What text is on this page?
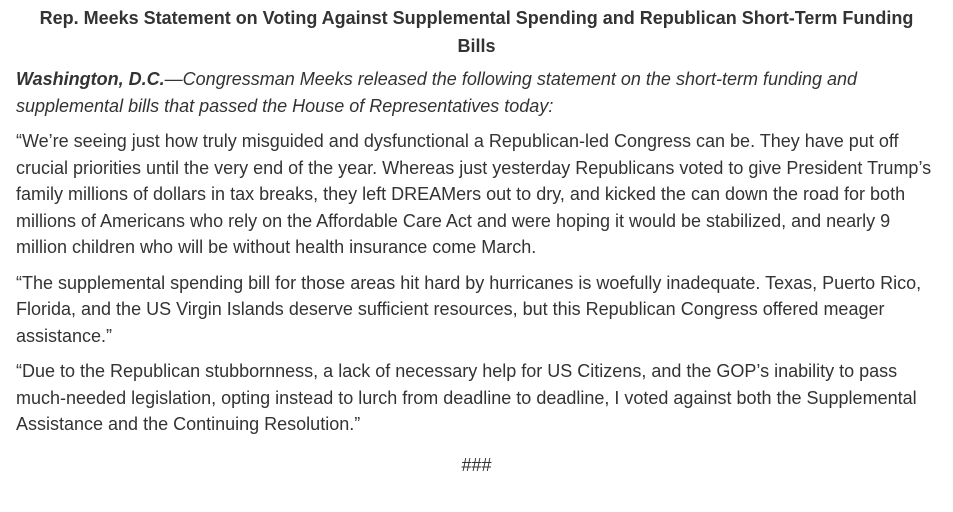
Rep. Meeks Statement on Voting Against Supplemental Spending and Republican Short-Term Funding
Bills

Washington, D.C.—Congressman Meeks released the following statement on the short-term funding and supplemental bills that passed the House of Representatives today:

“We’re seeing just how truly misguided and dysfunctional a Republican-led Congress can be. They have put off crucial priorities until the very end of the year. Whereas just yesterday Republicans voted to give President Trump’s family millions of dollars in tax breaks, they left DREAMers out to dry, and kicked the can down the road for both millions of Americans who rely on the Affordable Care Act and were hoping it would be stabilized, and nearly 9 million children who will be without health insurance come March.

“The supplemental spending bill for those areas hit hard by hurricanes is woefully inadequate. Texas, Puerto Rico, Florida, and the US Virgin Islands deserve sufficient resources, but this Republican Congress offered meager assistance.”

“Due to the Republican stubbornness, a lack of necessary help for US Citizens, and the GOP’s inability to pass much-needed legislation, opting instead to lurch from deadline to deadline, I voted against both the Supplemental Assistance and the Continuing Resolution.”

###
